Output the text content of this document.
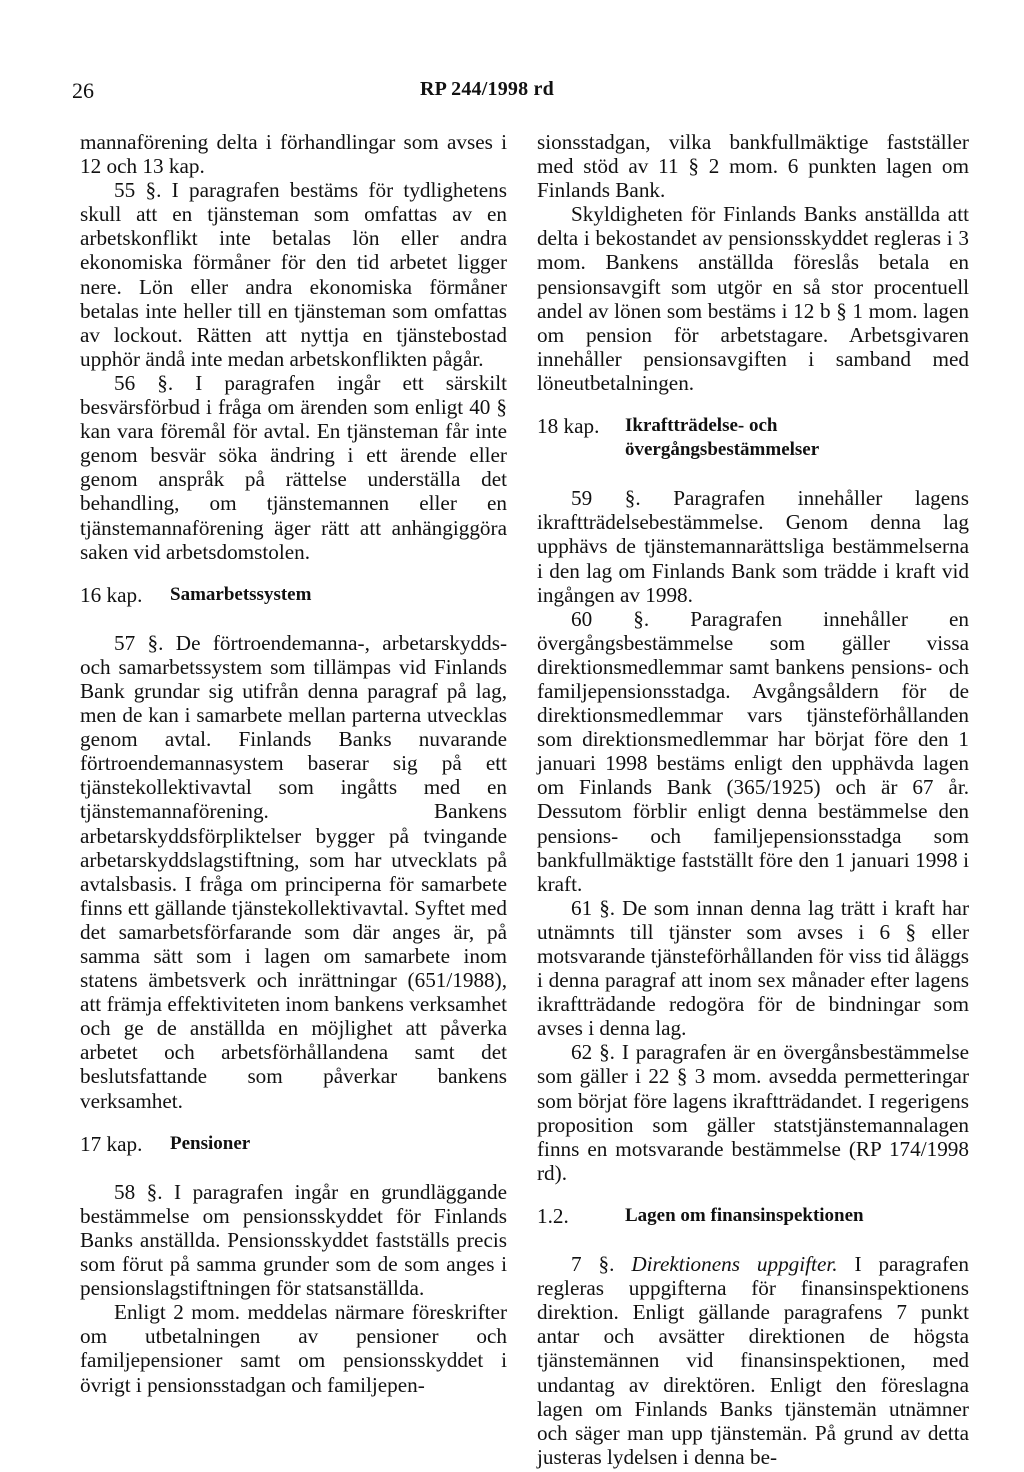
26	RP 244/1998 rd

mannaförening delta i förhandlingar som avses i 12 och 13 kap.

55 §. I paragrafen bestäms för tydlighetens skull att en tjänsteman som omfattas av en arbetskonflikt inte betalas lön eller andra ekonomiska förmåner för den tid arbetet ligger nere. Lön eller andra ekonomiska förmåner betalas inte heller till en tjänsteman som omfattas av lockout. Rätten att nyttja en tjänstebostad upphör ändå inte medan arbetskonflikten pågår.

56 §. I paragrafen ingår ett särskilt besvärsförbud i fråga om ärenden som enligt 40 § kan vara föremål för avtal. En tjänsteman får inte genom besvär söka ändring i ett ärende eller genom anspråk på rättelse underställa det behandling, om tjänstemannen eller en tjänstemannaförening äger rätt att anhängiggöra saken vid arbetsdomstolen.

16 kap.	Samarbetssystem

57 §. De förtroendemanna-, arbetarskydds- och samarbetssystem som tillämpas vid Finlands Bank grundar sig utifrån denna paragraf på lag, men de kan i samarbete mellan parterna utvecklas genom avtal. Finlands Banks nuvarande förtroendemannasystem baserar sig på ett tjänstekollektivavtal som ingåtts med en tjänstemannaförening. Bankens arbetarskyddsförpliktelser bygger på tvingande arbetarskyddslagstiftning, som har utvecklats på avtalsbasis. I fråga om principerna för samarbete finns ett gällande tjänstekollektivavtal. Syftet med det samarbetsförfarande som där anges är, på samma sätt som i lagen om samarbete inom statens ämbetsverk och inrättningar (651/1988), att främja effektiviteten inom bankens verksamhet och ge de anställda en möjlighet att påverka arbetet och arbetsförhållandena samt det beslutsfattande som påverkar bankens verksamhet.

17 kap.	Pensioner

58 §. I paragrafen ingår en grundläggande bestämmelse om pensionsskyddet för Finlands Banks anställda. Pensionsskyddet fastställs precis som förut på samma grunder som de som anges i pensionslagstiftningen för statsanställda.

Enligt 2 mom. meddelas närmare föreskrifter om utbetalningen av pensioner och familjepensioner samt om pensionsskyddet i övrigt i pensionsstadgan och familjepen-

sionsstadgan, vilka bankfullmäktige fastställer med stöd av 11 § 2 mom. 6 punkten lagen om Finlands Bank.

Skyldigheten för Finlands Banks anställda att delta i bekostandet av pensionsskyddet regleras i 3 mom. Bankens anställda föreslås betala en pensionsavgift som utgör en så stor procentuell andel av lönen som bestäms i 12 b § 1 mom. lagen om pension för arbetstagare. Arbetsgivaren innehåller pensionsavgiften i samband med löneutbetalningen.

18 kap.	Ikraftträdelse- och övergångsbestämmelser

59 §. Paragrafen innehåller lagens ikraftträdelsebestämmelse. Genom denna lag upphävs de tjänstemannarättsliga bestämmelserna i den lag om Finlands Bank som trädde i kraft vid ingången av 1998.

60 §. Paragrafen innehåller en övergångsbestämmelse som gäller vissa direktionsmedlemmar samt bankens pensions- och familjepensionsstadga. Avgångsåldern för de direktionsmedlemmar vars tjänsteförhållanden som direktionsmedlemmar har börjat före den 1 januari 1998 bestäms enligt den upphävda lagen om Finlands Bank (365/1925) och är 67 år. Dessutom förblir enligt denna bestämmelse den pensions- och familjepensionsstadga som bankfullmäktige fastställt före den 1 januari 1998 i kraft.

61 §. De som innan denna lag trätt i kraft har utnämnts till tjänster som avses i 6 § eller motsvarande tjänsteförhållanden för viss tid åläggs i denna paragraf att inom sex månader efter lagens ikraftträdande redogöra för de bindningar som avses i denna lag.

62 §. I paragrafen är en övergånsbestämmelse som gäller i 22 § 3 mom. avsedda permetteringar som börjat före lagens ikraftträdandet. I regerigens proposition som gäller statstjänstemannalagen finns en motsvarande bestämmelse (RP 174/1998 rd).

1.2.	Lagen om finansinspektionen

7 §. Direktionens uppgifter. I paragrafen regleras uppgifterna för finansinspektionens direktion. Enligt gällande paragrafens 7 punkt antar och avsätter direktionen de högsta tjänstemännen vid finansinspektionen, med undantag av direktören. Enligt den föreslagna lagen om Finlands Banks tjänstemän utnämner och säger man upp tjänstemän. På grund av detta justeras lydelsen i denna be-
